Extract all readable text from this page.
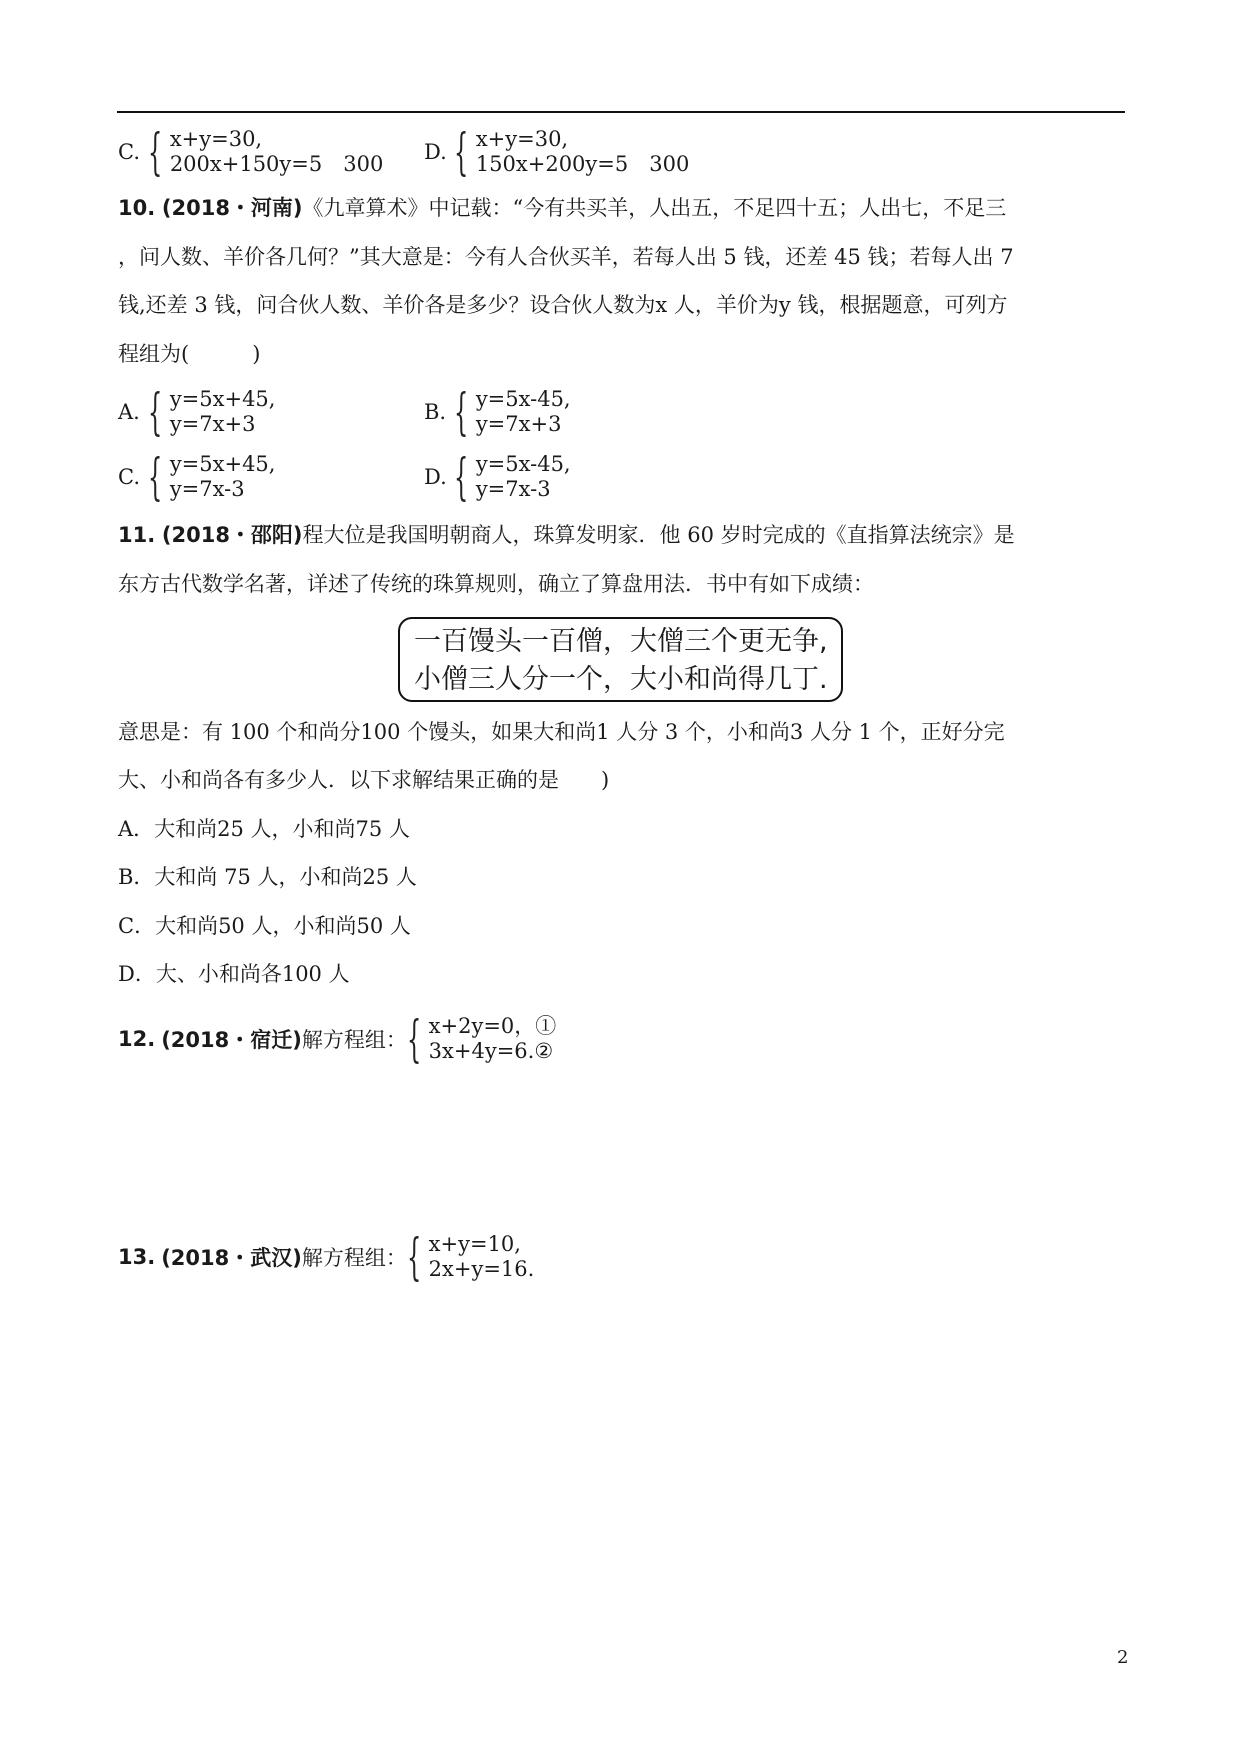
C. { x+y=30,
200x+150y=5　300 D. { x+y=30,
150x+200y=5　300
10. (2018・河南)《九章算术》中记载：“今有共买羊，人出五，不足四十五；人出七，不足三
，问人数、羊价各几何？”其大意是：今有人合伙买羊，若每人出 5 钱，还差 45 钱；若每人出 7
钱,还差 3 钱，问合伙人数、羊价各是多少？设合伙人数为x 人，羊价为y 钱，根据题意，可列方
程组为(　　　)
A. { y=5x+45,
y=7x+3	B. { y=5x-45,
y=7x+3
C. { y=5x+45,
y=7x-3	D. { y=5x-45,
y=7x-3
11. (2018・邵阳)程大位是我国明朝商人，珠算发明家．他 60 岁时完成的《直指算法统宗》是
东方古代数学名著，详述了传统的珠算规则，确立了算盘用法．书中有如下成绩：
一百馒头一百僧，大僧三个更无争,
小僧三人分一个，大小和尚得几丁.
意思是：有 100 个和尚分100 个馒头，如果大和尚1 人分 3 个，小和尚3 人分 1 个，正好分完
大、小和尚各有多少人．以下求解结果正确的是　　)
A．大和尚25 人，小和尚75 人
B．大和尚 75 人，小和尚25 人
C．大和尚50 人，小和尚50 人
D．大、小和尚各100 人
12. (2018・宿迁) 解方程组： { x+2y=0，①
3x+4y=6.②
13. (2018・武汉) 解方程组： { x+y=10,
2x+y=16.
2
